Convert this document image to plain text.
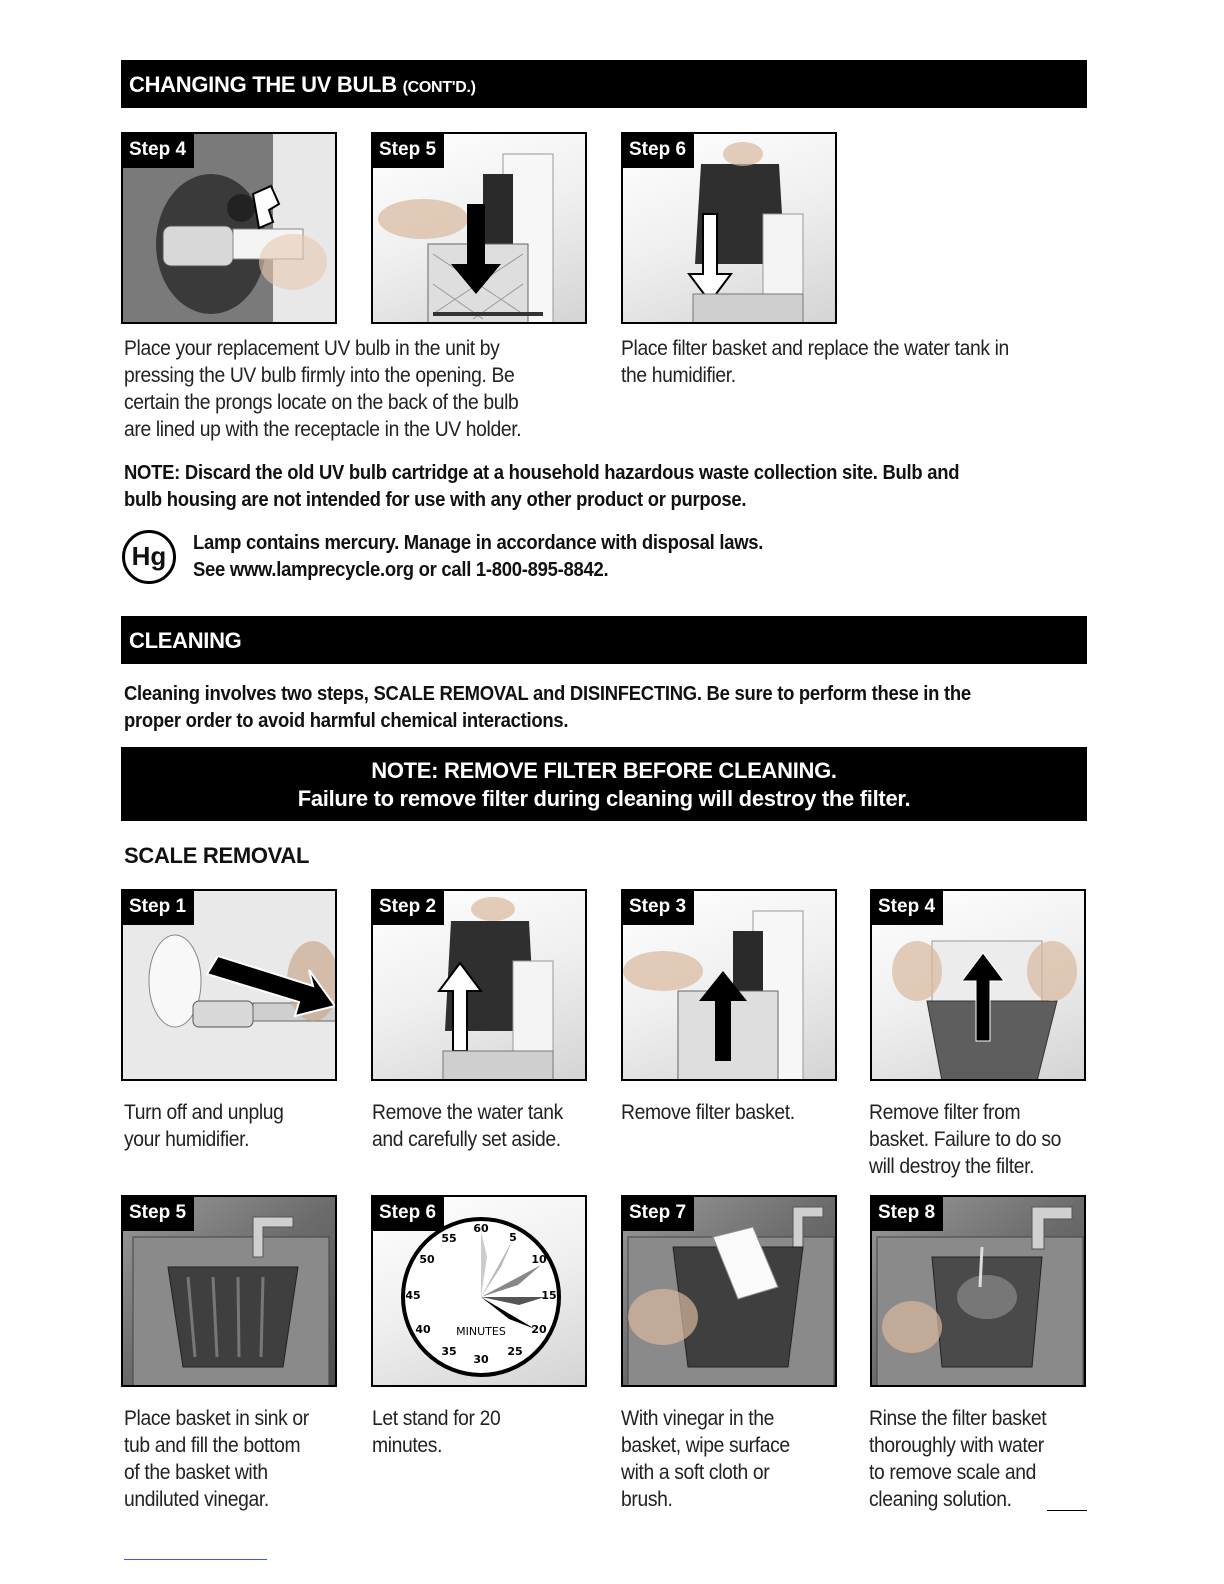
CHANGING THE UV BULB (CONT'D.)
Step 4	Step 5	Step 6
Place your replacement UV bulb in the unit by
pressing the UV bulb firmly into the opening. Be
certain the prongs locate on the back of the bulb
are lined up with the receptacle in the UV holder.
Place filter basket and replace the water tank in
the humidifier.
NOTE: Discard the old UV bulb cartridge at a household hazardous waste collection site. Bulb and
bulb housing are not intended for use with any other product or purpose.
Hg	Lamp contains mercury. Manage in accordance with disposal laws.
See www.lamprecycle.org or call 1-800-895-8842.
CLEANING
Cleaning involves two steps, SCALE REMOVAL and DISINFECTING. Be sure to perform these in the
proper order to avoid harmful chemical interactions.
NOTE: REMOVE FILTER BEFORE CLEANING.
Failure to remove filter during cleaning will destroy the filter.
SCALE REMOVAL
Step 1	Step 2	Step 3	Step 4
Turn off and unplug
your humidifier.
Remove the water tank
and carefully set aside.
Remove filter basket.	Remove filter from
basket. Failure to do so
will destroy the filter.
Step 5	Step 6
60
5
10
15
20
25
30
35
40
45
50
55
MINUTES
Step 7	Step 8
Place basket in sink or
tub and fill the bottom
of the basket with
undiluted vinegar.
Let stand for 20
minutes.
With vinegar in the
basket, wipe surface
with a soft cloth or
brush.
Rinse the filter basket
thoroughly with water
to remove scale and
cleaning solution.
